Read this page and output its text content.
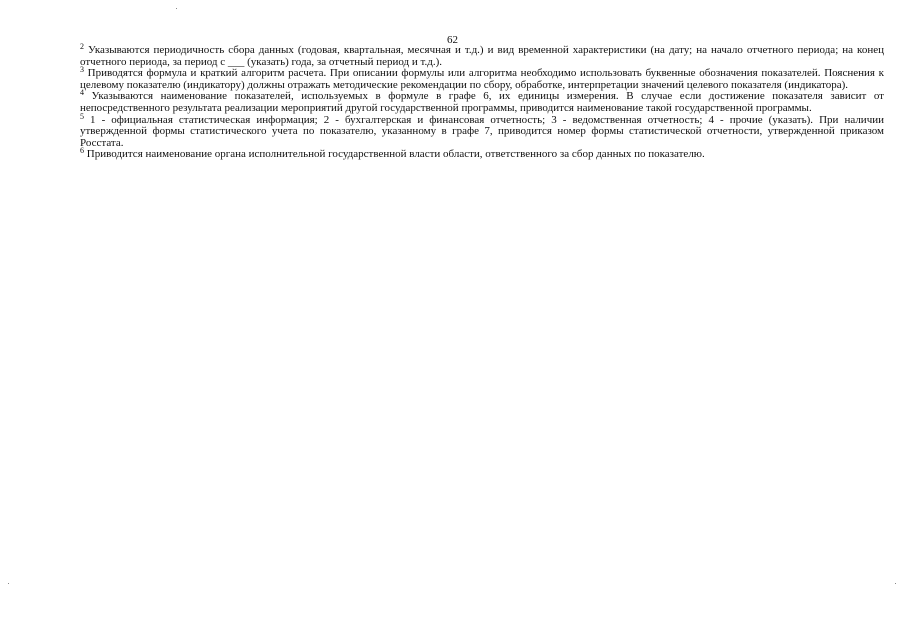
62

$^2$ Указываются периодичность сбора данных (годовая, квартальная, месячная и т.д.) и вид временной характеристики (на дату; на начало отчетного периода; на конец отчетного периода, за период с ___ (указать) года, за отчетный период и т.д.).

$^3$ Приводятся формула и краткий алгоритм расчета. При описании формулы или алгоритма необходимо использовать буквенные обозначения показателей. Пояснения к целевому показателю (индикатору) должны отражать методические рекомендации по сбору, обработке, интерпретации значений целевого показателя (индикатора).

$^4$ Указываются наименование показателей, используемых в формуле в графе 6, их единицы измерения. В случае если достижение показателя зависит от непосредственного результата реализации мероприятий другой государственной программы, приводится наименование такой государственной программы.

$^5$ 1 - официальная статистическая информация; 2 - бухгалтерская и финансовая отчетность; 3 - ведомственная отчетность; 4 - прочие (указать). При наличии утвержденной формы статистического учета по показателю, указанному в графе 7, приводится номер формы статистической отчетности, утвержденной приказом Росстата.

$^6$ Приводится наименование органа исполнительной государственной власти области, ответственного за сбор данных по показателю.
